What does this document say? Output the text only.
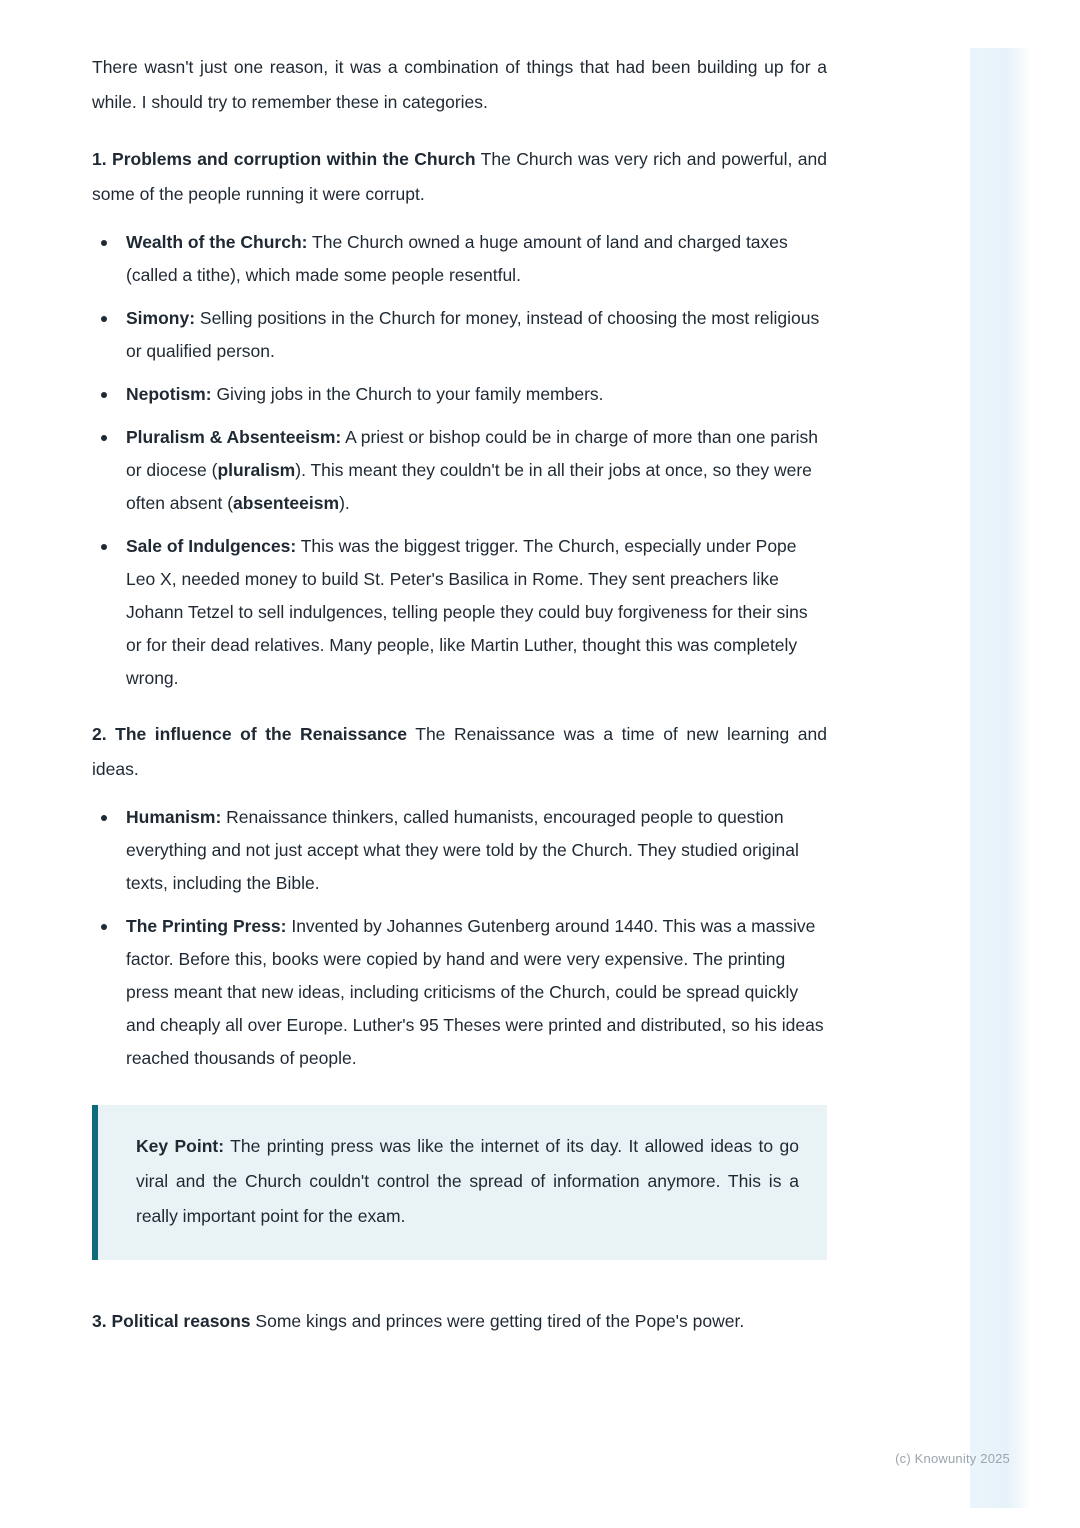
There wasn't just one reason, it was a combination of things that had been building up for a while. I should try to remember these in categories.

1. Problems and corruption within the Church The Church was very rich and powerful, and some of the people running it were corrupt.

Wealth of the Church: The Church owned a huge amount of land and charged taxes (called a tithe), which made some people resentful.
Simony: Selling positions in the Church for money, instead of choosing the most religious or qualified person.
Nepotism: Giving jobs in the Church to your family members.
Pluralism & Absenteeism: A priest or bishop could be in charge of more than one parish or diocese (pluralism). This meant they couldn't be in all their jobs at once, so they were often absent (absenteeism).
Sale of Indulgences: This was the biggest trigger. The Church, especially under Pope Leo X, needed money to build St. Peter's Basilica in Rome. They sent preachers like Johann Tetzel to sell indulgences, telling people they could buy forgiveness for their sins or for their dead relatives. Many people, like Martin Luther, thought this was completely wrong.

2. The influence of the Renaissance The Renaissance was a time of new learning and ideas.

Humanism: Renaissance thinkers, called humanists, encouraged people to question everything and not just accept what they were told by the Church. They studied original texts, including the Bible.
The Printing Press: Invented by Johannes Gutenberg around 1440. This was a massive factor. Before this, books were copied by hand and were very expensive. The printing press meant that new ideas, including criticisms of the Church, could be spread quickly and cheaply all over Europe. Luther's 95 Theses were printed and distributed, so his ideas reached thousands of people.

Key Point: The printing press was like the internet of its day. It allowed ideas to go viral and the Church couldn't control the spread of information anymore. This is a really important point for the exam.

3. Political reasons Some kings and princes were getting tired of the Pope's power.

(c) Knowunity 2025
